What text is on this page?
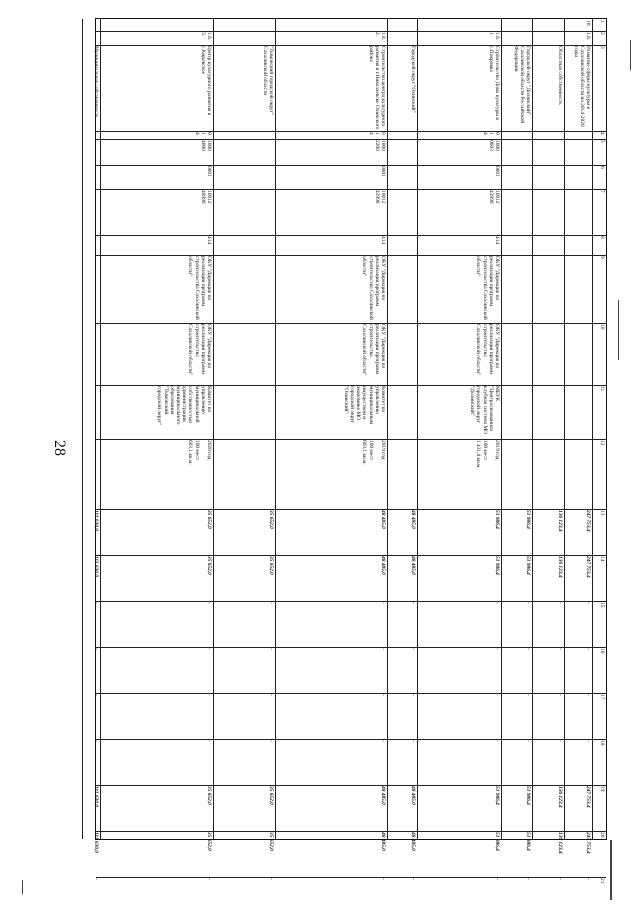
28
1
2
3
4
5
6
7
8
9
10
11
12
13
14
15
16
17
18
19
20
21
10.
1.8.
Развитие сферы культуры в Сахалинской области на 2014-2020 годы
247 753,4
247 753,4
-
-
-
-
247 753,4
247 753,4
-
Областная собственность
136 123,4
136 123,4
-
-
-
-
136 123,4
136 123,4
-
Городской округ "Долинский" Сахалинской области Российской Федерации
51 986,4
51 986,4
-
-
-
-
51 986,4
51 986,4
-
1.8.
1.
Строительство Дома культуры в с.Покровка
0
1
4
1000
0603
0801
10012
43990
414
ОКУ "Дирекция по реализации программ строительства Сахалинской области"
ОКУ "Дирекция по реализации программ строительства Сахалинской области"
МБУК "Централизованная клубная система МО городской округ "Долинский"
2019 год

100 мест
1 431,8 кв.м
51 986,4
51 986,4
-
-
-
-
51 986,4
51 986,4
-
Городской округ "Охинский"
48 485,0
48 485,0
-
-
-
-
48 485,0
48 485,0
-
1.8.
2.
Строительство центра культурного развития в г.Николаевске Охинского района
0
1
4
1000
2200
0801
10012
43990
414
ОКУ "Дирекция по реализации программ строительства Сахалинской области"
ОКУ "Дирекция по реализации программ строительства Сахалинской области"
Комитет по управлению муниципальным имуществом и экономике МО городской округ "Охинский"
2019 год

100 мест
603,1 кв.м.
48 485,0
48 485,0
-
-
-
-
48 485,0
48 485,0
-
"Тымовский городской округ" Сахалинской области
35 652,0
35 652,0
-
-
-
-
35 652,0
35 652,0
-
1.8.
3.
Центр культурного развития в с.Кировское
0
1
4
1000
4000
0801
10012
48990
414
ОКУ "Дирекция по реализации программ строительства Сахалинской области"
ОКУ "Дирекция по реализации программ строительства Сахалинской области"
Комитет по управлению муниципальной собственностью администрации муниципального образования "Тымовский городской округ"
2020 год

100 мест
603,1 кв.м.
35 652,0
35 652,0
-
-
-
-
35 652,0
35 652,0
-
Муниципальная собственность
111 630,0
111 630,0
-
-
-
-
111 630,0
111 630,0
-
